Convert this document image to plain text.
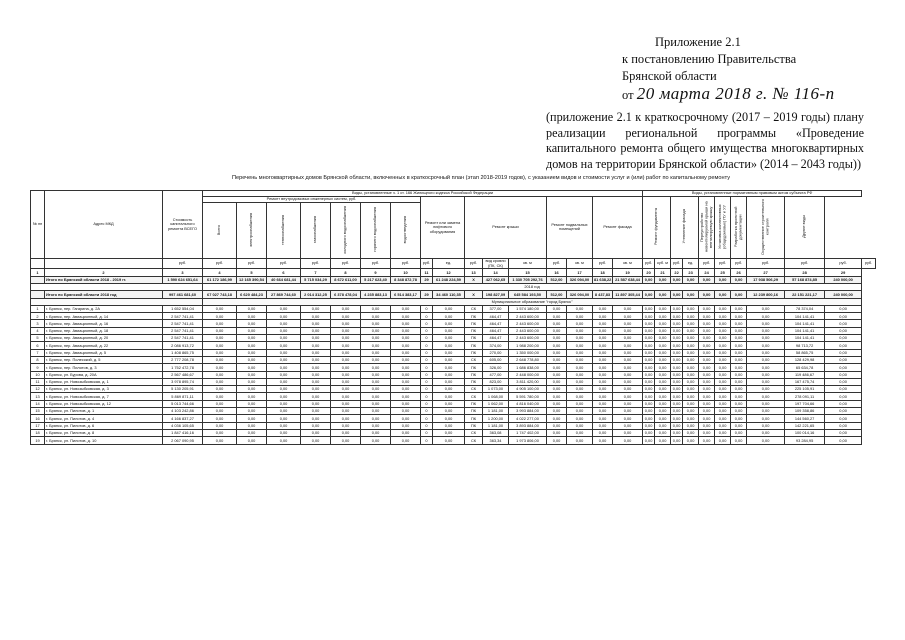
Приложение 2.1
к постановлению Правительства
Брянской области
от 20 марта 2018 г. № 116-п
(приложение 2.1 к краткосрочному (2017 – 2019 годы) плану реализации региональной программы «Проведение капитального ремонта общего имущества многоквартирных домов на территории Брянской области» (2014 – 2043 годы))
Перечень многоквартирных домов Брянской области, включенных в краткосрочный план (этап 2018-2019 годов), с указанием видов и стоимости услуг и (или) работ по капитальному ремонту
№ пп	Адрес МКД	Стоимость капитального ремонта ВСЕГО	Виды, установленные ч. 1 ст. 166 Жилищного кодекса Российской Федерации																Виды, установленные нормативным правовым актом субъекта РФ										
			Ремонт внутридомовых инженерных систем, руб.							Ремонт или замена лифтового оборудования		Ремонт крыши			Ремонт подвальных помещений		Ремонт фасада		Ремонт фундамента		Утепление фасада		Переустройство невентилируемой крыши на вентилируемую крышу	Установка коллективных (общедомовых) ПУ и УУ	Разработка проектной документации	Осуществление строительного контроля	Другие виды		
			Всего	электроснабжения	теплоснабжения	газоснабжения	холодного водоснабжения	горячего водоснабжения	водоотведения																				
		руб.	руб.	руб.	руб.	руб.	руб.	руб.	руб.	руб.	ед.	руб.	вид кровли (ПК, СК)	кв. м	руб.	кв. м	руб.	кв. м	руб.	куб. м	руб.	ед.	руб.	руб.	руб.	руб.	руб.	руб.	руб.
1	2	3	4	5	6	7	8	9	10	11	12	13	14	15	16	17	18	19	20	21	22	23	24	25	26	27	28	29	
	Итого по Брянской области 2018 - 2019 гг.	1 590 624 651,64	61 172 186,99	12 165 390,54	40 664 681,44	5 715 034,29	8 672 611,00	5 217 623,40	8 348 872,78	29	61 248 224,59	X	427 062,65	1 330 705 292,76	512,00	326 094,00	81 638,22	21 587 638,44	0,00	0,00	0,00	0,00	0,00	0,00	0,00	17 938 506,29	57 168 874,85	240 000,00	
			2018 год																										
	Итого по Брянской области 2018 год	997 461 681,60	67 027 743,18	6 620 484,23	27 869 744,60	2 014 312,25	6 378 478,04	4 235 883,13	6 514 383,17	29	34 460 110,35	X	198 827,09	645 584 193,50	512,00	326 094,00	8 437,83	11 897 305,44	0,00	0,00	0,00	0,00	0,00	0,00	0,00	12 239 800,16	22 151 221,17	240 000,00	
			Муниципальное образование "город Брянск"																										
1	г. Брянск, пер. Гагарина, д. 2А	1 652 554,04	0,00	0,00	0,00	0,00	0,00	0,00	0,00	0	0,00	СК	377,00	1 574 180,00	0,00	0,00	0,00	0,00	0,00	0,00	0,00	0,00	0,00	0,00	0,00	0,00	78 374,04	0,00	
2	г. Брянск, пер. Авиационный, д. 14	2 547 741,41	0,00	0,00	0,00	0,00	0,00	0,00	0,00	0	0,00	ПК	464,47	2 443 600,00	0,00	0,00	0,00	0,00	0,00	0,00	0,00	0,00	0,00	0,00	0,00	0,00	104 141,41	0,00	
3	г. Брянск, пер. Авиационный, д. 16	2 547 741,41	0,00	0,00	0,00	0,00	0,00	0,00	0,00	0	0,00	ПК	464,47	2 443 600,00	0,00	0,00	0,00	0,00	0,00	0,00	0,00	0,00	0,00	0,00	0,00	0,00	104 141,41	0,00	
4	г. Брянск, пер. Авиационный, д. 18	2 547 741,41	0,00	0,00	0,00	0,00	0,00	0,00	0,00	0	0,00	ПК	464,47	2 443 600,00	0,00	0,00	0,00	0,00	0,00	0,00	0,00	0,00	0,00	0,00	0,00	0,00	104 141,41	0,00	
5	г. Брянск, пер. Авиационный, д. 20	2 547 741,41	0,00	0,00	0,00	0,00	0,00	0,00	0,00	0	0,00	ПК	464,47	2 443 600,00	0,00	0,00	0,00	0,00	0,00	0,00	0,00	0,00	0,00	0,00	0,00	0,00	104 141,41	0,00	
6	г. Брянск, пер. Авиационный, д. 22	2 086 913,72	0,00	0,00	0,00	0,00	0,00	0,00	0,00	0	0,00	ПК	374,00	1 988 200,00	0,00	0,00	0,00	0,00	0,00	0,00	0,00	0,00	0,00	0,00	0,00	0,00	98 713,72	0,00	
7	г. Брянск, пер. Авиационный, д. 5	1 408 865,75	0,00	0,00	0,00	0,00	0,00	0,00	0,00	0	0,00	ПК	270,00	1 350 000,00	0,00	0,00	0,00	0,00	0,00	0,00	0,00	0,00	0,00	0,00	0,00	0,00	58 865,75	0,00	
8	г. Брянск, пер. Полесский, д. 5	2 777 208,78	0,00	0,00	0,00	0,00	0,00	0,00	0,00	0	0,00	СК	605,00	2 648 778,80	0,00	0,00	0,00	0,00	0,00	0,00	0,00	0,00	0,00	0,00	0,00	0,00	128 429,98	0,00	
9	г. Брянск, пер. Пилотов, д. 3	1 752 472,78	0,00	0,00	0,00	0,00	0,00	0,00	0,00	0	0,00	ПК	326,00	1 686 838,00	0,00	0,00	0,00	0,00	0,00	0,00	0,00	0,00	0,00	0,00	0,00	0,00	65 634,78	0,00	
10	г. Брянск, ул. Бурова, д. 20А	2 567 486,67	0,00	0,00	0,00	0,00	0,00	0,00	0,00	0	0,00	ПК	477,00	2 448 000,00	0,00	0,00	0,00	0,00	0,00	0,00	0,00	0,00	0,00	0,00	0,00	0,00	119 486,67	0,00	
11	г. Брянск, ул. Новозыбковская, д. 1	3 978 895,74	0,00	0,00	0,00	0,00	0,00	0,00	0,00	0	0,00	ПК	823,00	3 811 420,00	0,00	0,00	0,00	0,00	0,00	0,00	0,00	0,00	0,00	0,00	0,00	0,00	167 475,74	0,00	
12	г. Брянск, ул. Новозыбковская, д. 3	5 130 205,91	0,00	0,00	0,00	0,00	0,00	0,00	0,00	0	0,00	СК	1 073,00	4 905 100,00	0,00	0,00	0,00	0,00	0,00	0,00	0,00	0,00	0,00	0,00	0,00	0,00	225 105,91	0,00	
13	г. Брянск, ул. Новозыбковская, д. 7	5 869 871,11	0,00	0,00	0,00	0,00	0,00	0,00	0,00	0	0,00	СК	1 068,00	5 591 780,00	0,00	0,00	0,00	0,00	0,00	0,00	0,00	0,00	0,00	0,00	0,00	0,00	278 091,11	0,00	
14	г. Брянск, ул. Новозыбковская, д. 12	5 013 744,66	0,00	0,00	0,00	0,00	0,00	0,00	0,00	0	0,00	ПК	1 062,00	4 816 040,00	0,00	0,00	0,00	0,00	0,00	0,00	0,00	0,00	0,00	0,00	0,00	0,00	197 704,66	0,00	
15	г. Брянск, ул. Пилотов, д. 1	4 103 242,86	0,00	0,00	0,00	0,00	0,00	0,00	0,00	0	0,00	ПК	1 181,00	3 993 884,00	0,00	0,00	0,00	0,00	0,00	0,00	0,00	0,00	0,00	0,00	0,00	0,00	109 358,86	0,00	
16	г. Брянск, ул. Пилотов, д. 4	4 166 837,27	0,00	0,00	0,00	0,00	0,00	0,00	0,00	0	0,00	ПК	1 200,00	4 022 277,00	0,00	0,00	0,00	0,00	0,00	0,00	0,00	0,00	0,00	0,00	0,00	0,00	144 560,27	0,00	
17	г. Брянск, ул. Пилотов, д. 6	4 036 105,65	0,00	0,00	0,00	0,00	0,00	0,00	0,00	0	0,00	ПК	1 181,00	3 893 884,00	0,00	0,00	0,00	0,00	0,00	0,00	0,00	0,00	0,00	0,00	0,00	0,00	142 221,65	0,00	
18	г. Брянск, ул. Пилотов, д. 8	1 847 416,16	0,00	0,00	0,00	0,00	0,00	0,00	0,00	0	0,00	СК	363,08	1 747 402,00	0,00	0,00	0,00	0,00	0,00	0,00	0,00	0,00	0,00	0,00	0,00	0,00	100 014,16	0,00	
19	г. Брянск, ул. Пилотов, д. 10	2 067 090,95	0,00	0,00	0,00	0,00	0,00	0,00	0,00	0	0,00	СК	363,34	1 973 806,00	0,00	0,00	0,00	0,00	0,00	0,00	0,00	0,00	0,00	0,00	0,00	0,00	93 284,95	0,00	
